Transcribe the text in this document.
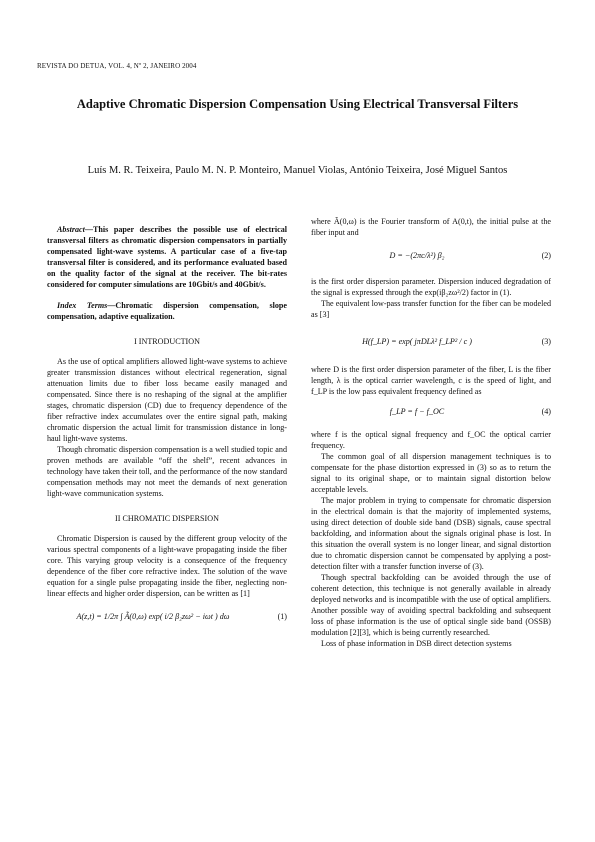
REVISTA DO DETUA, VOL. 4, Nº 2, JANEIRO 2004
Adaptive Chromatic Dispersion Compensation Using Electrical Transversal Filters
Luís M. R. Teixeira, Paulo M. N. P. Monteiro, Manuel Violas, António Teixeira, José Miguel Santos

Abstract—This paper describes the possible use of electrical transversal filters as chromatic dispersion compensators in partially compensated light-wave systems. A particular case of a five-tap transversal filter is considered, and its performance evaluated based on the quality factor of the signal at the receiver. The bit-rates considered for computer simulations are 10Gbit/s and 40Gbit/s.

Index Terms—Chromatic dispersion compensation, slope compensation, adaptive equalization.

I INTRODUCTION

As the use of optical amplifiers allowed light-wave systems to achieve greater transmission distances without electrical regeneration, signal attenuation limits due to fiber loss became easily managed and compensated. Since there is no reshaping of the signal at the amplifier stages, chromatic dispersion (CD) due to frequency dependence of the fiber refractive index accumulates over the entire signal path, making chromatic dispersion the actual limit for transmission distance in long-haul light-wave systems.

Though chromatic dispersion compensation is a well studied topic and proven methods are available “off the shelf”, recent advances in technology have taken their toll, and the performance of the now standard compensation methods may not meet the demands of next generation light-wave communication systems.

II CHROMATIC DISPERSION

Chromatic Dispersion is caused by the different group velocity of the various spectral components of a light-wave propagating inside the fiber core. This varying group velocity is a consequence of the frequency dependence of the fiber core refractive index. The solution of the wave equation for a single pulse propagating inside the fiber, neglecting non-linear effects and higher order dispersion, can be written as [1]

A(z,t) = 1/2π ∫ Ã(0,ω) exp( i/2 β₂zω² − iωt ) dω	(1)

where Ã(0,ω) is the Fourier transform of A(0,t), the initial pulse at the fiber input and

D = −(2πc/λ²) β₂	(2)

is the first order dispersion parameter. Dispersion induced degradation of the signal is expressed through the exp(iβ₂zω²/2) factor in (1).

The equivalent low-pass transfer function for the fiber can be modeled as [3]

H(f_LP) = exp( jπDLλ² f_LP² / c )	(3)

where D is the first order dispersion parameter of the fiber, L is the fiber length, λ is the optical carrier wavelength, c is the speed of light, and f_LP is the low pass equivalent frequency defined as

f_LP = f − f_OC	(4)

where f is the optical signal frequency and f_OC the optical carrier frequency.

The common goal of all dispersion management techniques is to compensate for the phase distortion expressed in (3) so as to return the signal to its original shape, or to maintain signal distortion below acceptable levels.

The major problem in trying to compensate for chromatic dispersion in the electrical domain is that the majority of implemented systems, using direct detection of double side band (DSB) signals, cause spectral backfolding, and information about the signals original phase is lost. In this situation the overall system is no longer linear, and signal distortion due to chromatic dispersion cannot be compensated by applying a post-detection filter with a transfer function inverse of (3).

Though spectral backfolding can be avoided through the use of coherent detection, this technique is not generally available in already deployed networks and is incompatible with the use of optical amplifiers. Another possible way of avoiding spectral backfolding and subsequent loss of phase information is the use of optical single side band (OSSB) modulation [2][3], which is being currently researched.

Loss of phase information in DSB direct detection systems
